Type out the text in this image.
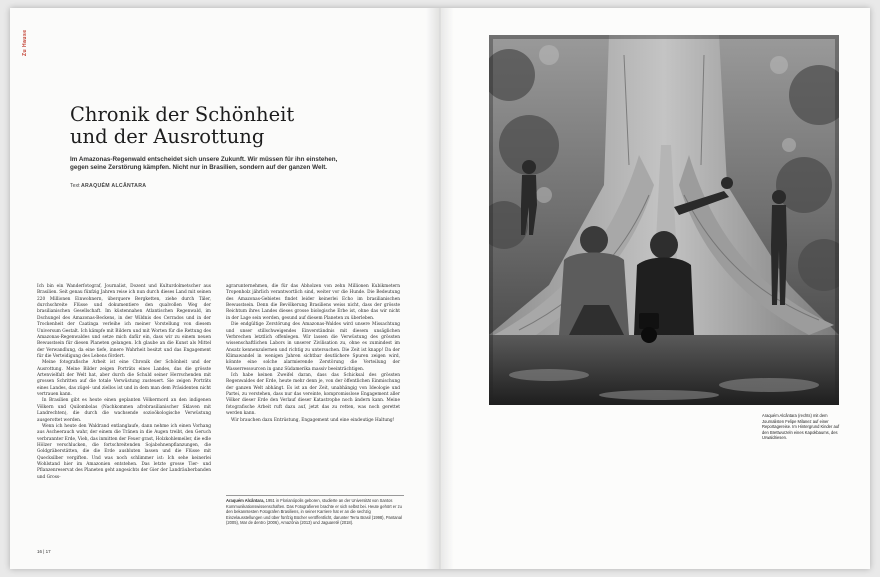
Zu Hause
Chronik der Schönheit
und der Ausrottung
Im Amazonas-Regenwald entscheidet sich unsere Zukunft. Wir müssen für ihn einstehen,
gegen seine Zerstörung kämpfen. Nicht nur in Brasilien, sondern auf der ganzen Welt.
Text ARAQUÉM ALCÂNTARA

Ich bin ein Wanderfotograf, Journalist, Dozent und Kulturdolmetscher aus Brasilien. Seit genau fünfzig Jahren reise ich nun durch dieses Land mit seinen 220 Millionen Einwohnern, überquere Bergketten, ziehe durch Täler, durchschreite Flüsse und dokumentiere den qualvollen Weg der brasilianischen Gesellschaft. Im küstennahen Atlantischen Regenwald, im Dschungel des Amazonas-Beckens, in der Wildnis des Cerrados und in der Trockenheit der Caatinga verleihe ich meiner Vorstellung von diesem Universum Gestalt. Ich kämpfe mit Bildern und mit Worten für die Rettung des Amazonas-Regenwaldes und setze mich dafür ein, dass wir zu einem neuen Bewusstsein für diesen Planeten gelangen. Ich glaube an die Kunst als Mittel der Verwandlung, da eine tiefe, innere Wahrheit besitzt und das Engagement für die Verteidigung des Lebens fördert.

Meine fotografische Arbeit ist eine Chronik der Schönheit und der Ausrottung. Meine Bilder zeigen Porträts eines Landes, das die grösste Artenvielfalt der Welt hat, aber durch die Schuld seiner Herrschenden mit grossen Schritten auf die totale Verwüstung zusteuert. Sie zeigen Porträts eines Landes, das zügel- und ziellos ist und in dem man dem Präsidenten nicht vertrauen kann.

In Brasilien gibt es heute einen geplanten Völkermord an den indigenen Völkern und Quilombolas (Nachkommen afrobrasilianischer Sklaven mit Landrechten), die durch die wachsende sozioökologische Verwüstung ausgerottet werden.

Wenn ich heute den Waldrand entlanglaufe, dann nehme ich einen Vorhang aus Ascheerauch wahr, der einem die Tränen in die Augen treibt, den Geruch verbrannter Erde, Vieh, das inmitten der Feuer grast, Holzkohlemeiler, die edle Hölzer verschlucken, die fortschreitenden Sojabohnenpflanzungen, die Goldgräberstätten, die die Erde ausbluten lassen und die Flüsse mit Quecksilber vergiften. Und was noch schlimmer ist: Ich sehe keinerlei Wohlstand hier im Amazonien entstehen. Das letzte grosse Tier- und Pflanzenreservat des Planeten geht angesichts der Gier der Landräuberbanden und Gross-

agrarunternehmen, die für das Abholzen von zehn Millionen Kubikmetern Tropenholz jährlich verantwortlich sind, weiter vor die Hunde. Die Bedeutung des Amazonas-Gebietes findet leider keinerlei Echo im brasilianischen Bewusstsein. Denn die Bevölkerung Brasiliens weiss nicht, dass der grösste Reichtum ihres Landes dieses grosse biologische Erbe ist, ohne das wir nicht in der Lage sein werden, gesund auf diesem Planeten zu überleben.

Die endgültige Zerstörung des Amazonas-Waldes wird unsere Missachtung und unser stillschweigendes Einverständnis mit diesem unsäglichen Verbrechen letztlich offenlegen. Wir lassen die Verwüstung des grössten wissenschaftlichen Labors in unserer Zivilisation zu, ohne es zumindest im Ansatz kennenzulernen und richtig zu untersuchen. Die Zeit ist knapp! Da der Klimawandel in wenigen Jahren sichtbar deutlichere Spuren zeigen wird, könnte eine solche alarmierende Zerstörung die Verteilung der Wasserressourcen in ganz Südamerika massiv beeinträchtigen.

Ich habe keinen Zweifel daran, dass das Schicksal des grössten Regenwaldes der Erde, heute mehr denn je, von der öffentlichen Einmischung der ganzen Welt abhängt. Es ist an der Zeit, unabhängig von Ideologie und Partei, zu verstehen, dass nur das vereinte, kompromisslose Engagement aller Völker dieser Erde den Verlauf dieser Katastrophe noch ändern kann. Meine fotografische Arbeit ruft dazu auf, jetzt das zu retten, was noch gerettet werden kann.

Wir brauchen dazu Entrüstung, Engagement und eine eindeutige Haltung!

Araquém Alcântara, 1951 in Florianópolis geboren, studierte an der Universität von Santos Kommunikationswissenschaften. Das Fotografieren brachte er sich selbst bei. Heute gehört er zu den bekanntesten Fotografen Brasiliens, in seiner Karriere hat er an die sechzig Einzelausstellungen und über fünfzig Bücher veröffentlicht, darunter Terra Brasil (1998), Pantanal (2005), Mar de dentro (2006), Amazônia (2013) und Jaguaretê (2018).
16 | 17
Araquém Alcântara (rechts) mit dem Journalisten Felipe Milanez auf einer Reportagereise. Im Hintergrund Kinder auf den Brettwurzeln eines Kapokbaums, des Urwaldriesen.
